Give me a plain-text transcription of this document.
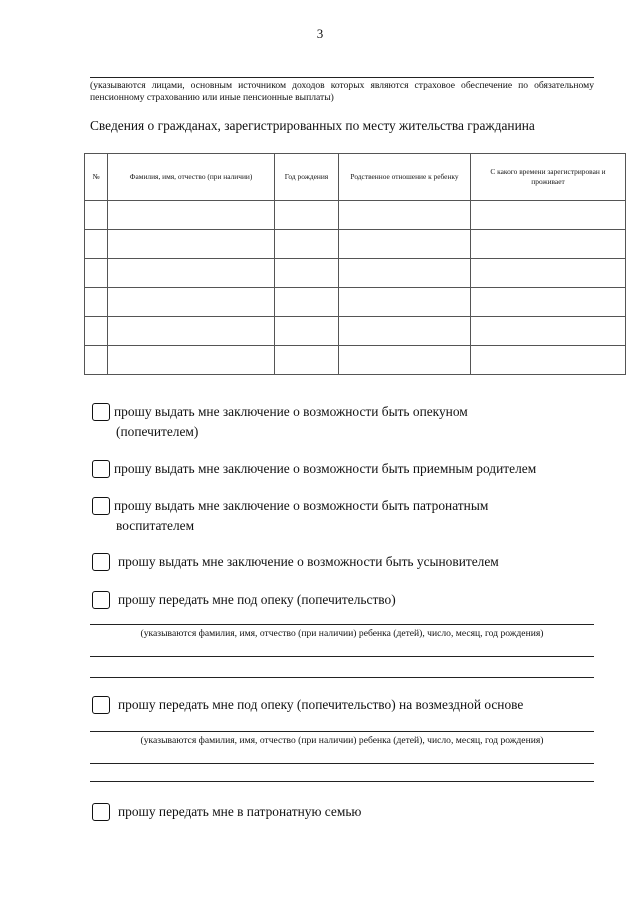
3
(указываются лицами, основным источником доходов которых являются страховое обеспечение по обязательному пенсионному страхованию или иные пенсионные выплаты)
Сведения о гражданах, зарегистрированных по месту жительства гражданина
№	Фамилия, имя, отчество (при наличии)	Год рождения	Родственное отношение к ребенку	С какого времени зарегистрирован и проживает

прошу выдать мне заключение о возможности быть опекуном
(попечителем)
прошу выдать мне заключение о возможности быть приемным родителем
прошу выдать мне заключение о возможности быть патронатным
воспитателем
прошу выдать мне заключение о возможности быть усыновителем
прошу передать мне под опеку (попечительство)
(указываются фамилия, имя, отчество (при наличии) ребенка (детей), число, месяц, год рождения)
прошу передать мне под опеку (попечительство) на возмездной основе
(указываются фамилия, имя, отчество (при наличии) ребенка (детей), число, месяц, год рождения)
прошу передать мне в патронатную семью
